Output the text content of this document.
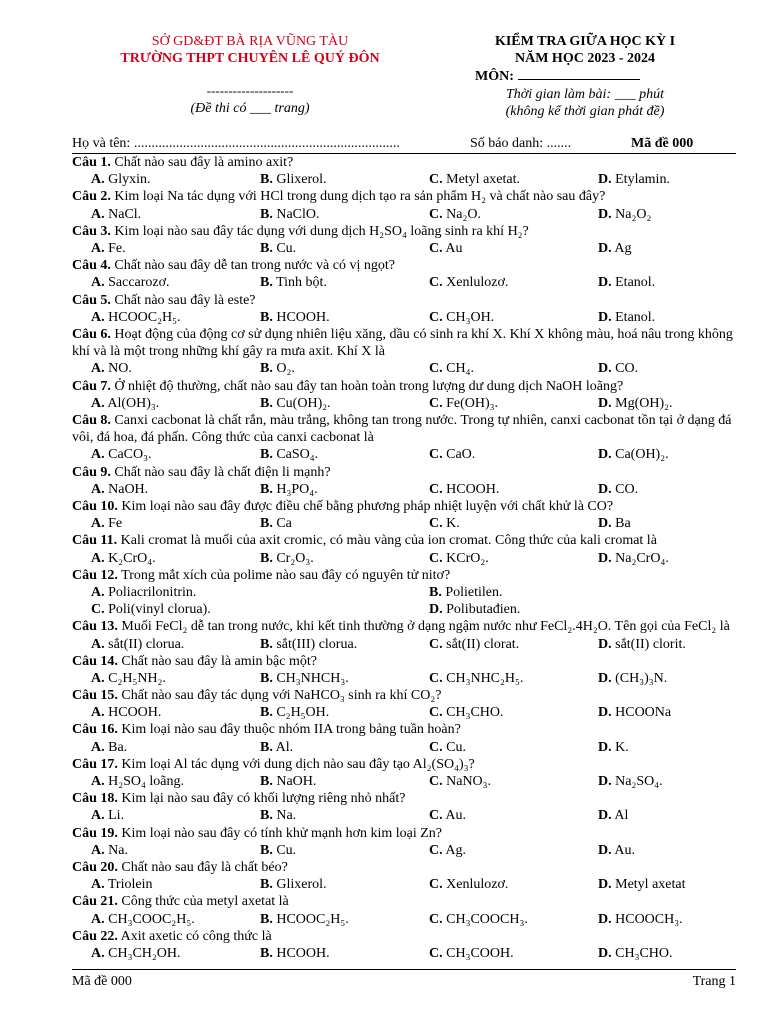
SỞ GD&ĐT BÀ RỊA VŨNG TÀU
TRƯỜNG THPT CHUYÊN LÊ QUÝ ĐÔN
--------------------
(Đề thi có ___ trang)
KIỂM TRA GIỮA HỌC KỲ I
NĂM HỌC 2023 - 2024
MÔN:
Thời gian làm bài: ___ phút
(không kể thời gian phát đề)
Họ và tên: ............................................................................	Số báo danh: .......	Mã đề 000
Câu 1. Chất nào sau đây là amino axit?
A. Glyxin.	B. Glixerol.	C. Metyl axetat.	D. Etylamin.
Câu 2. Kim loại Na tác dụng với HCl trong dung dịch tạo ra sản phẩm H₂ và chất nào sau đây?
A. NaCl.	B. NaClO.	C. Na₂O.	D. Na₂O₂
Câu 3. Kim loại nào sau đây tác dụng với dung dịch H₂SO₄ loãng sinh ra khí H₂?
A. Fe.	B. Cu.	C. Au	D. Ag
Câu 4. Chất nào sau đây dễ tan trong nước và có vị ngọt?
A. Saccarozơ.	B. Tinh bột.	C. Xenlulozơ.	D. Etanol.
Câu 5. Chất nào sau đây là este?
A. HCOOC₂H₅.	B. HCOOH.	C. CH₃OH.	D. Etanol.
Câu 6. Hoạt động của động cơ sử dụng nhiên liệu xăng, dầu có sinh ra khí X. Khí X không màu, hoá nâu trong không khí và là một trong những khí gây ra mưa axit. Khí X là
A. NO.	B. O₂.	C. CH₄.	D. CO.
Câu 7. Ở nhiệt độ thường, chất nào sau đây tan hoàn toàn trong lượng dư dung dịch NaOH loãng?
A. Al(OH)₃.	B. Cu(OH)₂.	C. Fe(OH)₃.	D. Mg(OH)₂.
Câu 8. Canxi cacbonat là chất rắn, màu trắng, không tan trong nước. Trong tự nhiên, canxi cacbonat tồn tại ở dạng đá vôi, đá hoa, đá phấn. Công thức của canxi cacbonat là
A. CaCO₃.	B. CaSO₄.	C. CaO.	D. Ca(OH)₂.
Câu 9. Chất nào sau đây là chất điện li mạnh?
A. NaOH.	B. H₃PO₄.	C. HCOOH.	D. CO.
Câu 10. Kim loại nào sau đây được điều chế bằng phương pháp nhiệt luyện với chất khử là CO?
A. Fe	B. Ca	C. K.	D. Ba
Câu 11. Kali cromat là muối của axit cromic, có màu vàng của ion cromat. Công thức của kali cromat là
A. K₂CrO₄.	B. Cr₂O₃.	C. KCrO₂.	D. Na₂CrO₄.
Câu 12. Trong mắt xích của polime nào sau đây có nguyên tử nitơ?
A. Poliacrilonitrin.	B. Polietilen.
C. Poli(vinyl clorua).	D. Polibutađien.
Câu 13. Muối FeCl₂ dễ tan trong nước, khi kết tinh thường ở dạng ngậm nước như FeCl₂.4H₂O. Tên gọi của FeCl₂ là
A. sắt(II) clorua.	B. sắt(III) clorua.	C. sắt(II) clorat.	D. sắt(II) clorit.
Câu 14. Chất nào sau đây là amin bậc một?
A. C₂H₅NH₂.	B. CH₃NHCH₃.	C. CH₃NHC₂H₅.	D. (CH₃)₃N.
Câu 15. Chất nào sau đây tác dụng với NaHCO₃ sinh ra khí CO₂?
A. HCOOH.	B. C₂H₅OH.	C. CH₃CHO.	D. HCOONa
Câu 16. Kim loại nào sau đây thuộc nhóm IIA trong bảng tuần hoàn?
A. Ba.	B. Al.	C. Cu.	D. K.
Câu 17. Kim loại Al tác dụng với dung dịch nào sau đây tạo Al₂(SO₄)₃?
A. H₂SO₄ loãng.	B. NaOH.	C. NaNO₃.	D. Na₂SO₄.
Câu 18. Kim lại nào sau đây có khối lượng riêng nhỏ nhất?
A. Li.	B. Na.	C. Au.	D. Al
Câu 19. Kim loại nào sau đây có tính khử mạnh hơn kim loại Zn?
A. Na.	B. Cu.	C. Ag.	D. Au.
Câu 20. Chất nào sau đây là chất béo?
A. Triolein	B. Glixerol.	C. Xenlulozơ.	D. Metyl axetat
Câu 21. Công thức của metyl axetat là
A. CH₃COOC₂H₅.	B. HCOOC₂H₅.	C. CH₃COOCH₃.	D. HCOOCH₃.
Câu 22. Axit axetic có công thức là
A. CH₃CH₂OH.	B. HCOOH.	C. CH₃COOH.	D. CH₃CHO.
Mã đề 000	Trang 1
